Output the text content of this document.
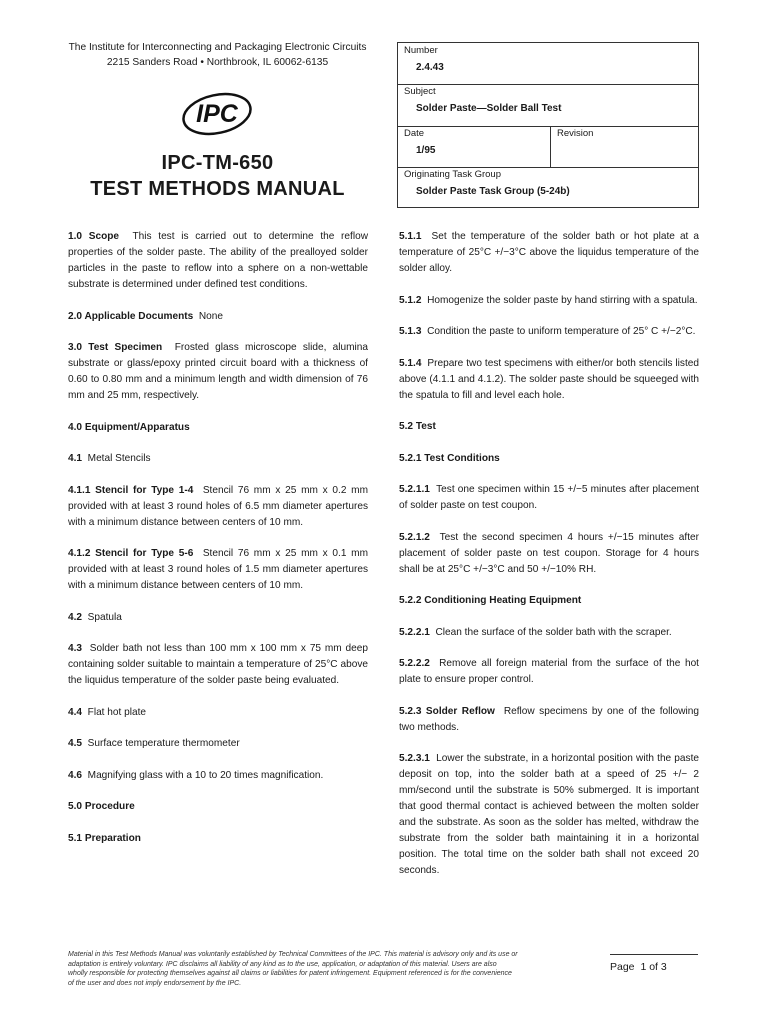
The Institute for Interconnecting and Packaging Electronic Circuits
2215 Sanders Road • Northbrook, IL 60062-6135
IPC
IPC-TM-650
TEST METHODS MANUAL
Number
2.4.43
Subject
Solder Paste—Solder Ball Test
Date
1/95
Revision
Originating Task Group
Solder Paste Task Group (5-24b)

1.0 Scope This test is carried out to determine the reflow properties of the solder paste. The ability of the prealloyed solder particles in the paste to reflow into a sphere on a non-wettable substrate is determined under defined test conditions.

2.0 Applicable Documents None

3.0 Test Specimen Frosted glass microscope slide, alumina substrate or glass/epoxy printed circuit board with a thickness of 0.60 to 0.80 mm and a minimum length and width dimension of 76 mm and 25 mm, respectively.

4.0 Equipment/Apparatus

4.1 Metal Stencils

4.1.1 Stencil for Type 1-4 Stencil 76 mm x 25 mm x 0.2 mm provided with at least 3 round holes of 6.5 mm diameter apertures with a minimum distance between centers of 10 mm.

4.1.2 Stencil for Type 5-6 Stencil 76 mm x 25 mm x 0.1 mm provided with at least 3 round holes of 1.5 mm diameter apertures with a minimum distance between centers of 10 mm.

4.2 Spatula

4.3 Solder bath not less than 100 mm x 100 mm x 75 mm deep containing solder suitable to maintain a temperature of 25°C above the liquidus temperature of the solder paste being evaluated.

4.4 Flat hot plate

4.5 Surface temperature thermometer

4.6 Magnifying glass with a 10 to 20 times magnification.

5.0 Procedure

5.1 Preparation

5.1.1 Set the temperature of the solder bath or hot plate at a temperature of 25°C +/−3°C above the liquidus temperature of the solder alloy.

5.1.2 Homogenize the solder paste by hand stirring with a spatula.

5.1.3 Condition the paste to uniform temperature of 25° C +/−2°C.

5.1.4 Prepare two test specimens with either/or both stencils listed above (4.1.1 and 4.1.2). The solder paste should be squeeged with the spatula to fill and level each hole.

5.2 Test

5.2.1 Test Conditions

5.2.1.1 Test one specimen within 15 +/−5 minutes after placement of solder paste on test coupon.

5.2.1.2 Test the second specimen 4 hours +/−15 minutes after placement of solder paste on test coupon. Storage for 4 hours shall be at 25°C +/−3°C and 50 +/−10% RH.

5.2.2 Conditioning Heating Equipment

5.2.2.1 Clean the surface of the solder bath with the scraper.

5.2.2.2 Remove all foreign material from the surface of the hot plate to ensure proper control.

5.2.3 Solder Reflow Reflow specimens by one of the following two methods.

5.2.3.1 Lower the substrate, in a horizontal position with the paste deposit on top, into the solder bath at a speed of 25 +/− 2 mm/second until the substrate is 50% submerged. It is important that good thermal contact is achieved between the molten solder and the substrate. As soon as the solder has melted, withdraw the substrate from the solder bath maintaining it in a horizontal position. The total time on the solder bath shall not exceed 20 seconds.

Material in this Test Methods Manual was voluntarily established by Technical Committees of the IPC. This material is advisory only and its use or adaptation is entirely voluntary. IPC disclaims all liability of any kind as to the use, application, or adaptation of this material. Users are also wholly responsible for protecting themselves against all claims or liabilities for patent infringement. Equipment referenced is for the convenience of the user and does not imply endorsement by the IPC.
Page 1 of 3
